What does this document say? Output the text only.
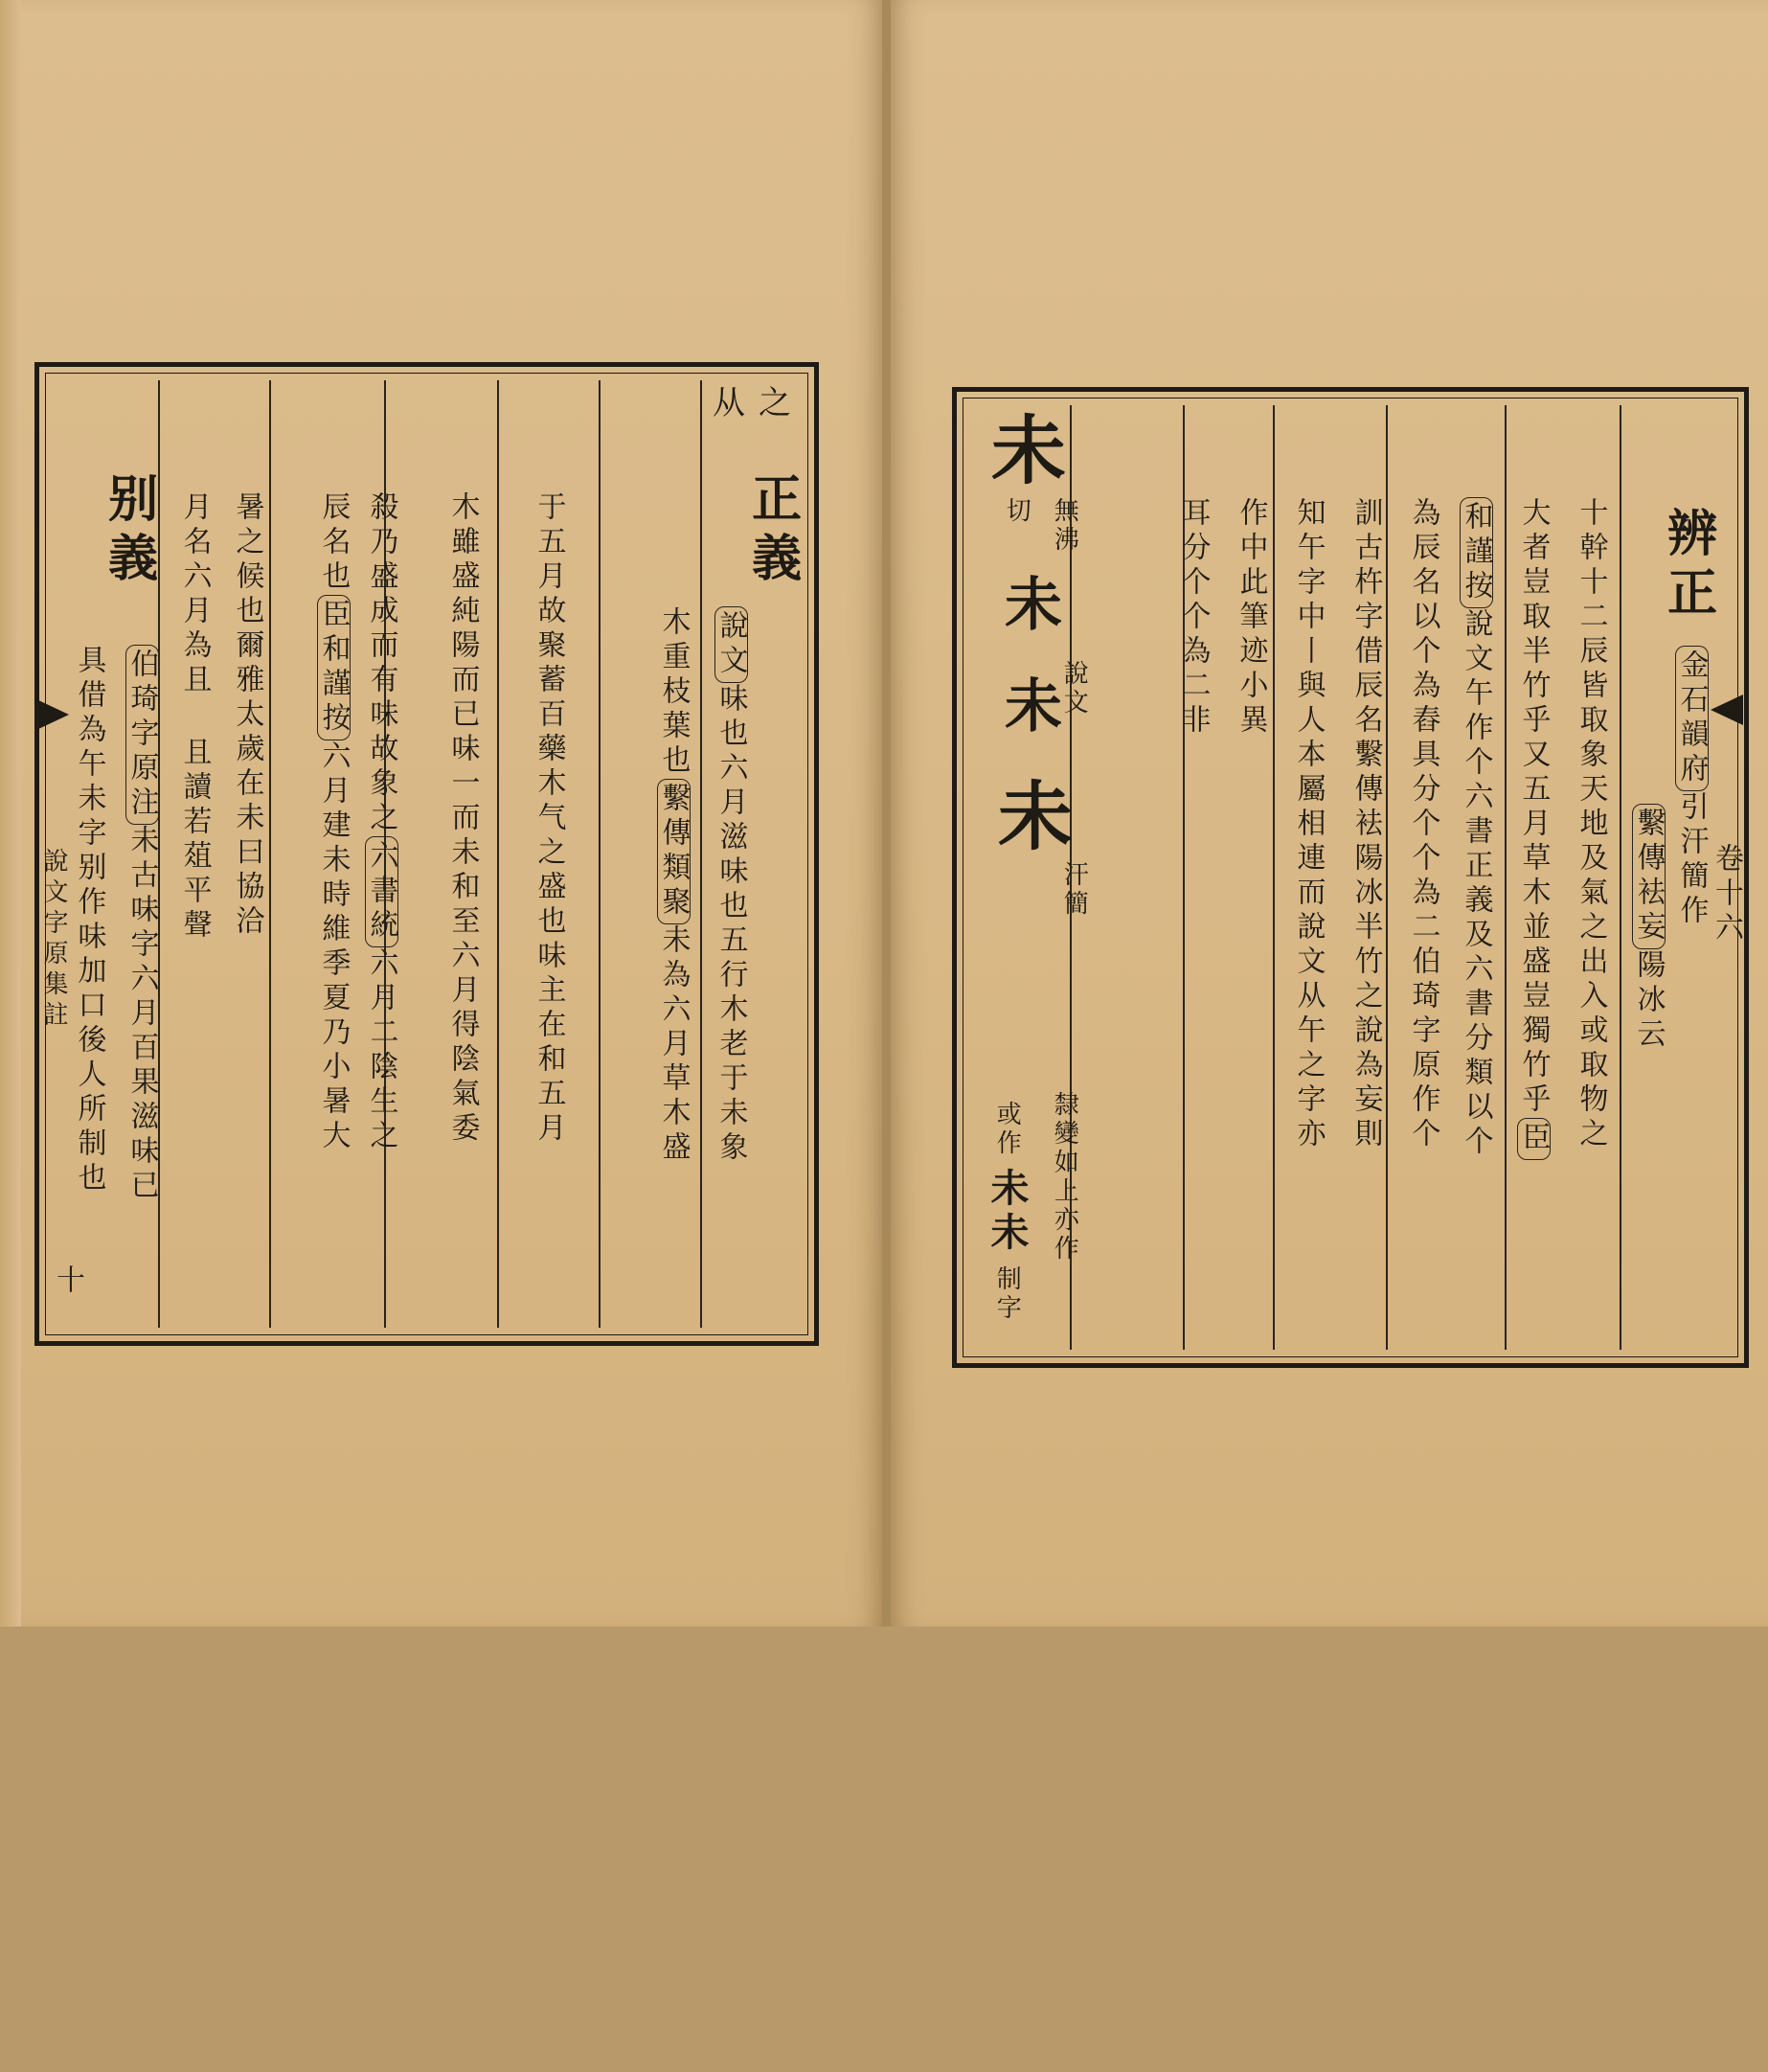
說文字原集註
十
从之
正義
說文
味也六月滋味也五行木老于未象
木重枝葉也
繫傳類聚
未為六月草木盛
于五月故聚蓄百藥木气之盛也味主在和五月
木雖盛純陽而已味一而未和至六月得陰氣委
殺乃盛成而有味故象之
六書統
六月二陰生之
辰名也
臣和謹按
六月建未時維季夏乃小暑大
暑之候也爾雅太歲在未曰協洽
月名六月為且
且讀若葅平聲
别義
伯琦字原注
未古味字六月百果滋味已
具借為午未字别作味加口後人所制也	卷十六
辨正
金石韻府
引汗簡作
繫傳袪妄
陽冰云
十幹十二辰皆取象天地及氣之出入或取物之
大者豈取半竹乎又五月草木並盛豈獨竹乎
臣
和謹按
說文午作个六書正義及六書分類以个
為辰名以个為舂具分个个為二伯琦字原作个
訓古杵字借辰名繫傳袪陽冰半竹之說為妄則
知午字中丨與人本屬相連而說文从午之字亦
作中此筆迹小異
耳分个个為二非
未
無沸
切
未
未
未
說文
汗簡
隸變如上亦作
或作
未未
制字
